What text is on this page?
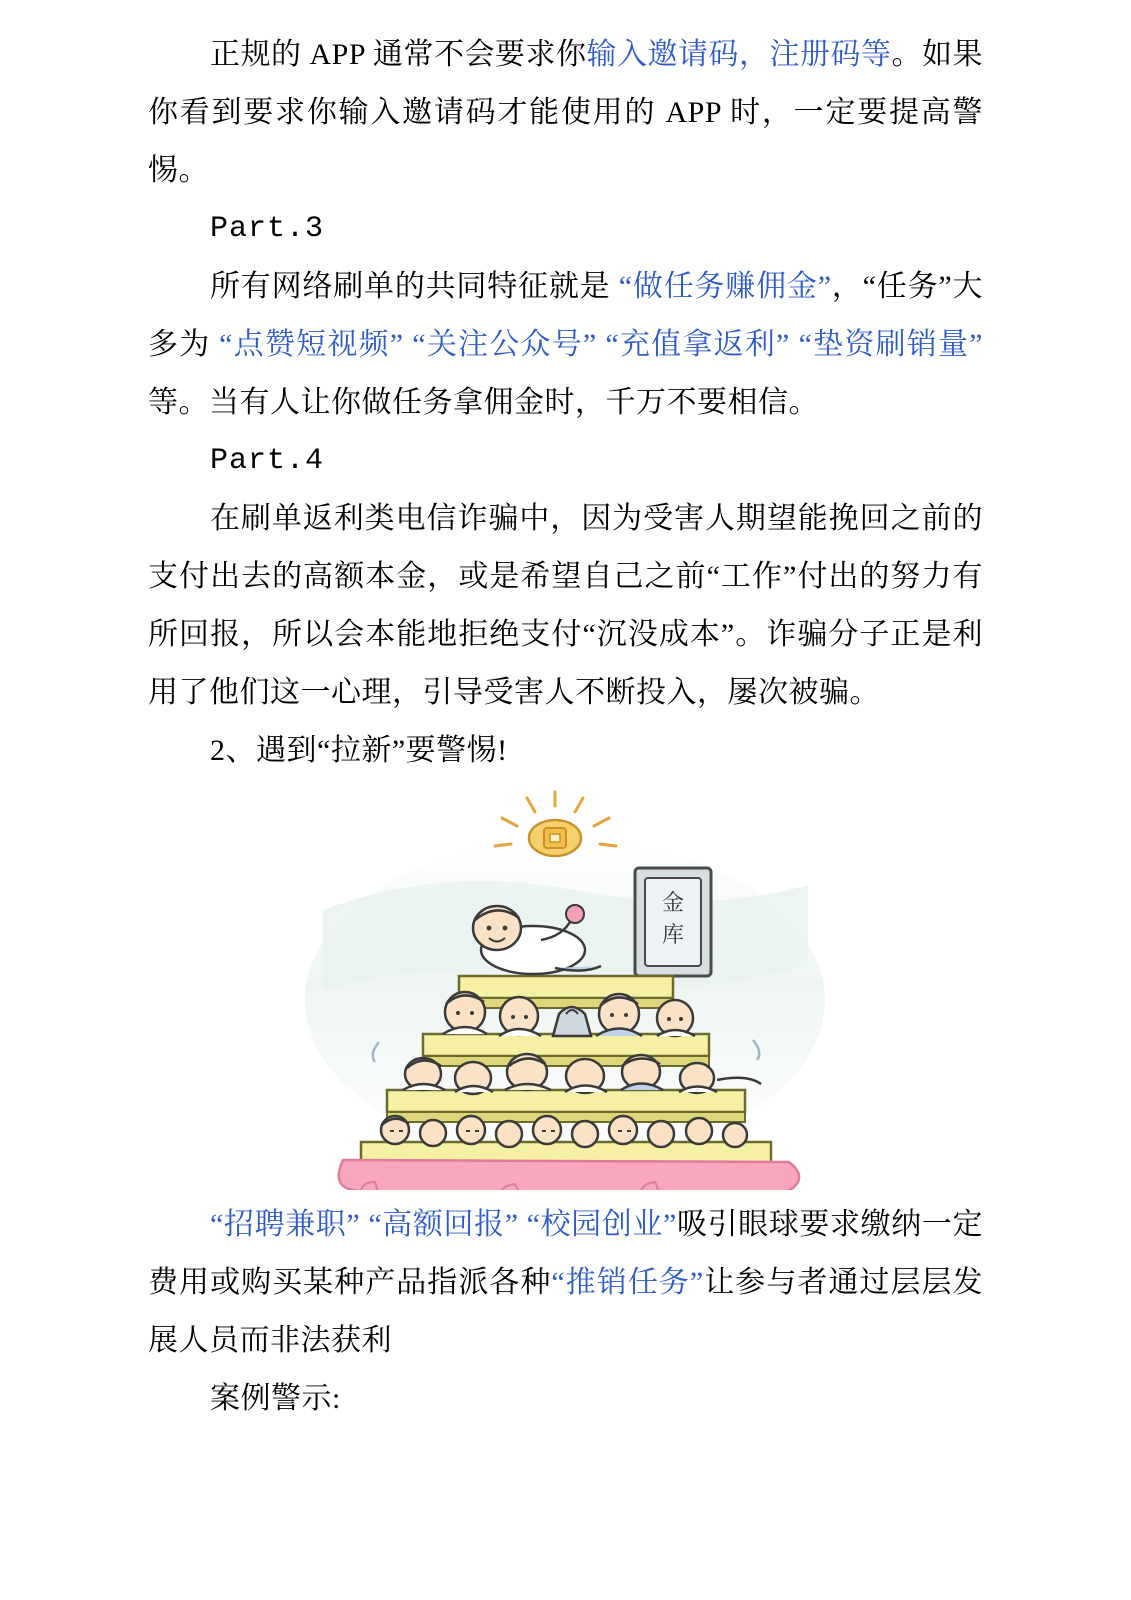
正规的 APP 通常不会要求你输入邀请码，注册码等。如果你看到要求你输入邀请码才能使用的 APP 时，一定要提高警惕。

Part.3

所有网络刷单的共同特征就是 “做任务赚佣金”，“任务”大多为 “点赞短视频” “关注公众号” “充值拿返利” “垫资刷销量” 等。当有人让你做任务拿佣金时，千万不要相信。

Part.4

在刷单返利类电信诈骗中，因为受害人期望能挽回之前的支付出去的高额本金，或是希望自己之前“工作”付出的努力有所回报，所以会本能地拒绝支付“沉没成本”。诈骗分子正是利用了他们这一心理，引导受害人不断投入，屡次被骗。

2、遇到“拉新”要警惕!

金
库

“招聘兼职” “高额回报” “校园创业”吸引眼球要求缴纳一定费用或购买某种产品指派各种“推销任务”让参与者通过层层发展人员而非法获利

案例警示:
